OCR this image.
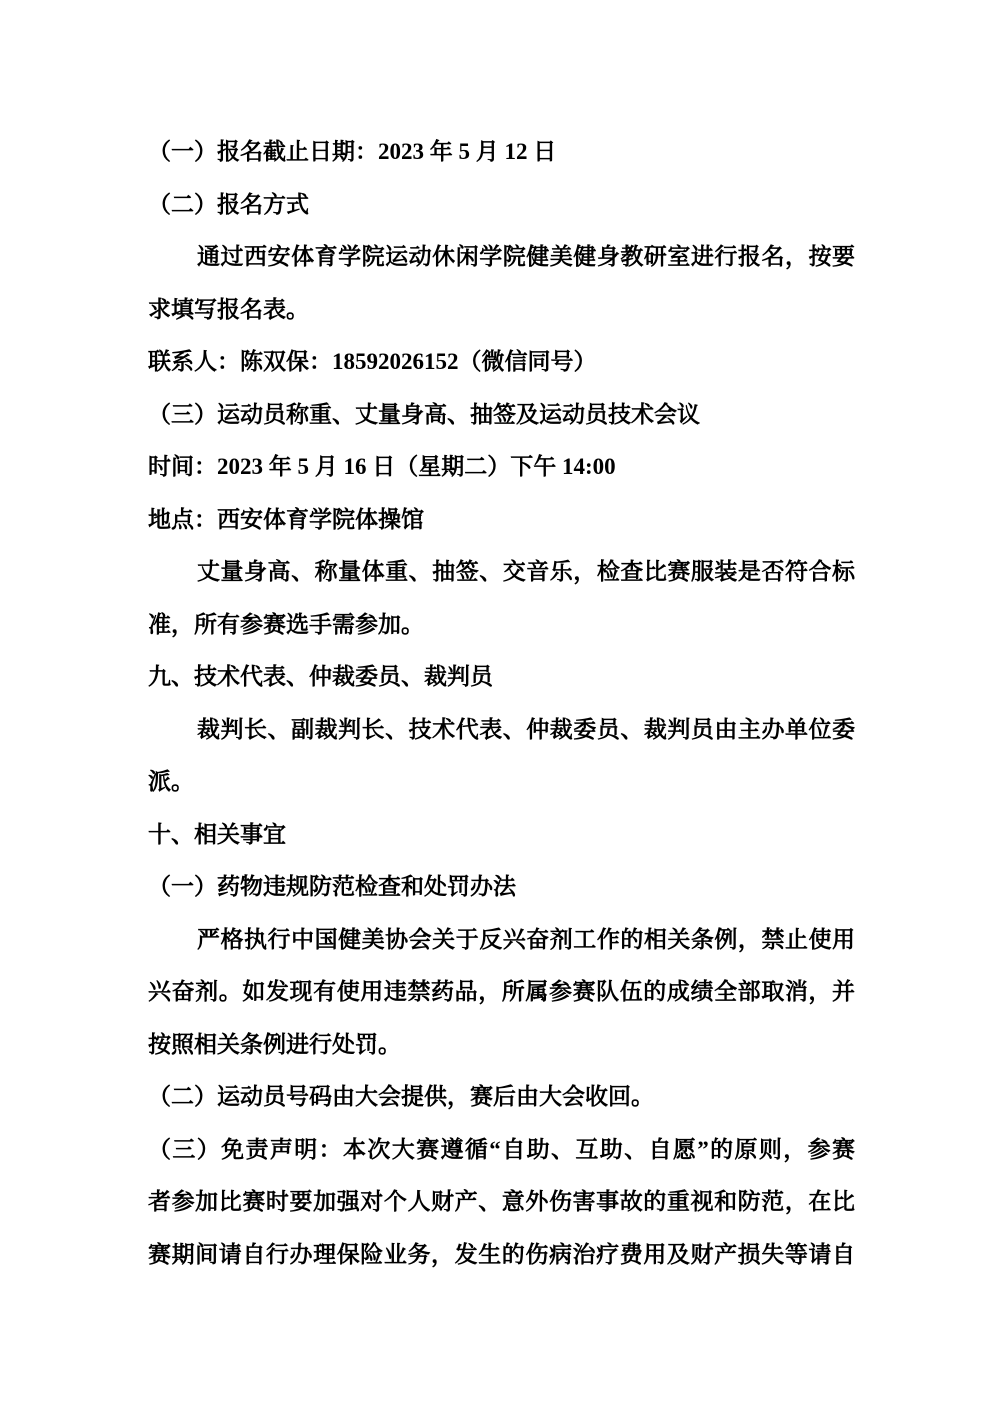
（一）报名截止日期：2023 年 5 月 12 日
（二）报名方式
通过西安体育学院运动休闲学院健美健身教研室进行报名，按要
求填写报名表。
联系人：陈双保：18592026152（微信同号）
（三）运动员称重、丈量身高、抽签及运动员技术会议
时间：2023 年 5 月 16 日（星期二）下午 14:00
地点：西安体育学院体操馆
丈量身高、称量体重、抽签、交音乐，检查比赛服装是否符合标
准，所有参赛选手需参加。
九、技术代表、仲裁委员、裁判员
裁判长、副裁判长、技术代表、仲裁委员、裁判员由主办单位委
派。
十、相关事宜
（一）药物违规防范检查和处罚办法
严格执行中国健美协会关于反兴奋剂工作的相关条例，禁止使用
兴奋剂。如发现有使用违禁药品，所属参赛队伍的成绩全部取消，并
按照相关条例进行处罚。
（二）运动员号码由大会提供，赛后由大会收回。
（三）免责声明：本次大赛遵循“自助、互助、自愿”的原则，参赛
者参加比赛时要加强对个人财产、意外伤害事故的重视和防范，在比
赛期间请自行办理保险业务，发生的伤病治疗费用及财产损失等请自
